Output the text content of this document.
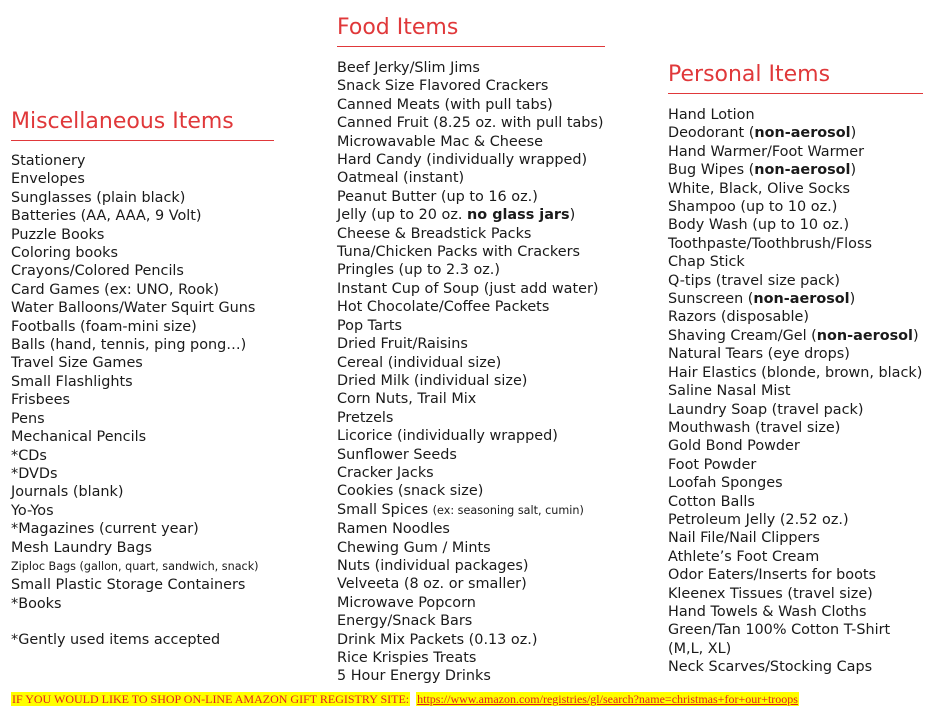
Miscellaneous Items
Stationery
Envelopes
Sunglasses (plain black)
Batteries (AA, AAA, 9 Volt)
Puzzle Books
Coloring books
Crayons/Colored Pencils
Card Games (ex: UNO, Rook)
Water Balloons/Water Squirt Guns
Footballs (foam-mini size)
Balls (hand, tennis, ping pong…)
Travel Size Games
Small Flashlights
Frisbees
Pens
Mechanical Pencils
*CDs
*DVDs
Journals (blank)
Yo-Yos
*Magazines (current year)
Mesh Laundry Bags
Ziploc Bags (gallon, quart, sandwich, snack)
Small Plastic Storage Containers
*Books
*Gently used items accepted
Food Items
Beef Jerky/Slim Jims
Snack Size Flavored Crackers
Canned Meats (with pull tabs)
Canned Fruit (8.25 oz. with pull tabs)
Microwavable Mac & Cheese
Hard Candy (individually wrapped)
Oatmeal (instant)
Peanut Butter (up to 16 oz.)
Jelly (up to 20 oz. no glass jars)
Cheese & Breadstick Packs
Tuna/Chicken Packs with Crackers
Pringles (up to 2.3 oz.)
Instant Cup of Soup (just add water)
Hot Chocolate/Coffee Packets
Pop Tarts
Dried Fruit/Raisins
Cereal (individual size)
Dried Milk (individual size)
Corn Nuts, Trail Mix
Pretzels
Licorice (individually wrapped)
Sunflower Seeds
Cracker Jacks
Cookies (snack size)
Small Spices (ex: seasoning salt, cumin)
Ramen Noodles
Chewing Gum / Mints
Nuts (individual packages)
Velveeta (8 oz. or smaller)
Microwave Popcorn
Energy/Snack Bars
Drink Mix Packets (0.13 oz.)
Rice Krispies Treats
5 Hour Energy Drinks
Personal Items
Hand Lotion
Deodorant (non-aerosol)
Hand Warmer/Foot Warmer
Bug Wipes (non-aerosol)
White, Black, Olive Socks
Shampoo (up to 10 oz.)
Body Wash (up to 10 oz.)
Toothpaste/Toothbrush/Floss
Chap Stick
Q-tips (travel size pack)
Sunscreen (non-aerosol)
Razors (disposable)
Shaving Cream/Gel (non-aerosol)
Natural Tears (eye drops)
Hair Elastics (blonde, brown, black)
Saline Nasal Mist
Laundry Soap (travel pack)
Mouthwash (travel size)
Gold Bond Powder
Foot Powder
Loofah Sponges
Cotton Balls
Petroleum Jelly (2.52 oz.)
Nail File/Nail Clippers
Athlete’s Foot Cream
Odor Eaters/Inserts for boots
Kleenex Tissues (travel size)
Hand Towels & Wash Cloths
Green/Tan 100% Cotton T-Shirt
(M,L, XL)
Neck Scarves/Stocking Caps
IF YOU WOULD LIKE TO SHOP ON-LINE AMAZON GIFT REGISTRY SITE: https://www.amazon.com/registries/gl/search?name=christmas+for+our+troops
